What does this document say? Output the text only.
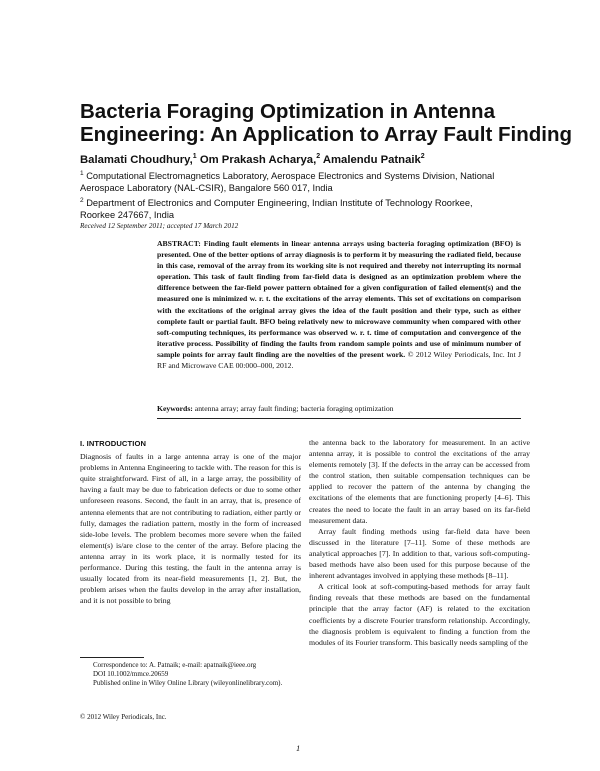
Bacteria Foraging Optimization in Antenna
Engineering: An Application to Array Fault Finding
Balamati Choudhury,$^1$ Om Prakash Acharya,$^2$ Amalendu Patnaik$^2$
$^1$ Computational Electromagnetics Laboratory, Aerospace Electronics and Systems Division, National
Aerospace Laboratory (NAL-CSIR), Bangalore 560 017, India
$^2$ Department of Electronics and Computer Engineering, Indian Institute of Technology Roorkee,
Roorkee 247667, India
Received 12 September 2011; accepted 17 March 2012
ABSTRACT: Finding fault elements in linear antenna arrays using bacteria foraging optimization (BFO) is presented. One of the better options of array diagnosis is to perform it by measuring the radiated field, because in this case, removal of the array from its working site is not required and thereby not interrupting its normal operation. This task of fault finding from far-field data is designed as an optimization problem where the difference between the far-field power pattern obtained for a given configuration of failed element(s) and the measured one is minimized w. r. t. the excitations of the array elements. This set of excitations on comparison with the excitations of the original array gives the idea of the fault position and their type, such as either complete fault or partial fault. BFO being relatively new to microwave community when compared with other soft-computing techniques, its performance was observed w. r. t. time of computation and convergence of the iterative process. Possibility of finding the faults from random sample points and use of minimum number of sample points for array fault finding are the novelties of the present work. © 2012 Wiley Periodicals, Inc. Int J RF and Microwave CAE 00:000–000, 2012.
Keywords: antenna array; array fault finding; bacteria foraging optimization
I. INTRODUCTION

Diagnosis of faults in a large antenna array is one of the major problems in Antenna Engineering to tackle with. The reason for this is quite straightforward. First of all, in a large array, the possibility of having a fault may be due to fabrication defects or due to some other unforeseen reasons. Second, the fault in an array, that is, presence of antenna elements that are not contributing to radiation, either partly or fully, damages the radiation pattern, mostly in the form of increased side-lobe levels. The problem becomes more severe when the failed element(s) is/are close to the center of the array. Before placing the antenna array in its work place, it is normally tested for its performance. During this testing, the fault in the antenna array is usually located from its near-field measurements [1, 2]. But, the problem arises when the faults develop in the array after installation, and it is not possible to bring

the antenna back to the laboratory for measurement. In an active antenna array, it is possible to control the excitations of the array elements remotely [3]. If the defects in the array can be accessed from the control station, then suitable compensation techniques can be applied to recover the pattern of the antenna by changing the excitations of the elements that are functioning properly [4–6]. This creates the need to locate the fault in an array based on its far-field measurement data.

Array fault finding methods using far-field data have been discussed in the literature [7–11]. Some of these methods are analytical approaches [7]. In addition to that, various soft-computing-based methods have also been used for this purpose because of the inherent advantages involved in applying these methods [8–11].

A critical look at soft-computing-based methods for array fault finding reveals that these methods are based on the fundamental principle that the array factor (AF) is related to the excitation coefficients by a discrete Fourier transform relationship. Accordingly, the diagnosis problem is equivalent to finding a function from the modules of its Fourier transform. This basically needs sampling of the

Correspondence to: A. Patnaik; e-mail: apatnaik@ieee.org
DOI 10.1002/mmce.20659
Published online in Wiley Online Library (wileyonlinelibrary.com).
© 2012 Wiley Periodicals, Inc.
1
